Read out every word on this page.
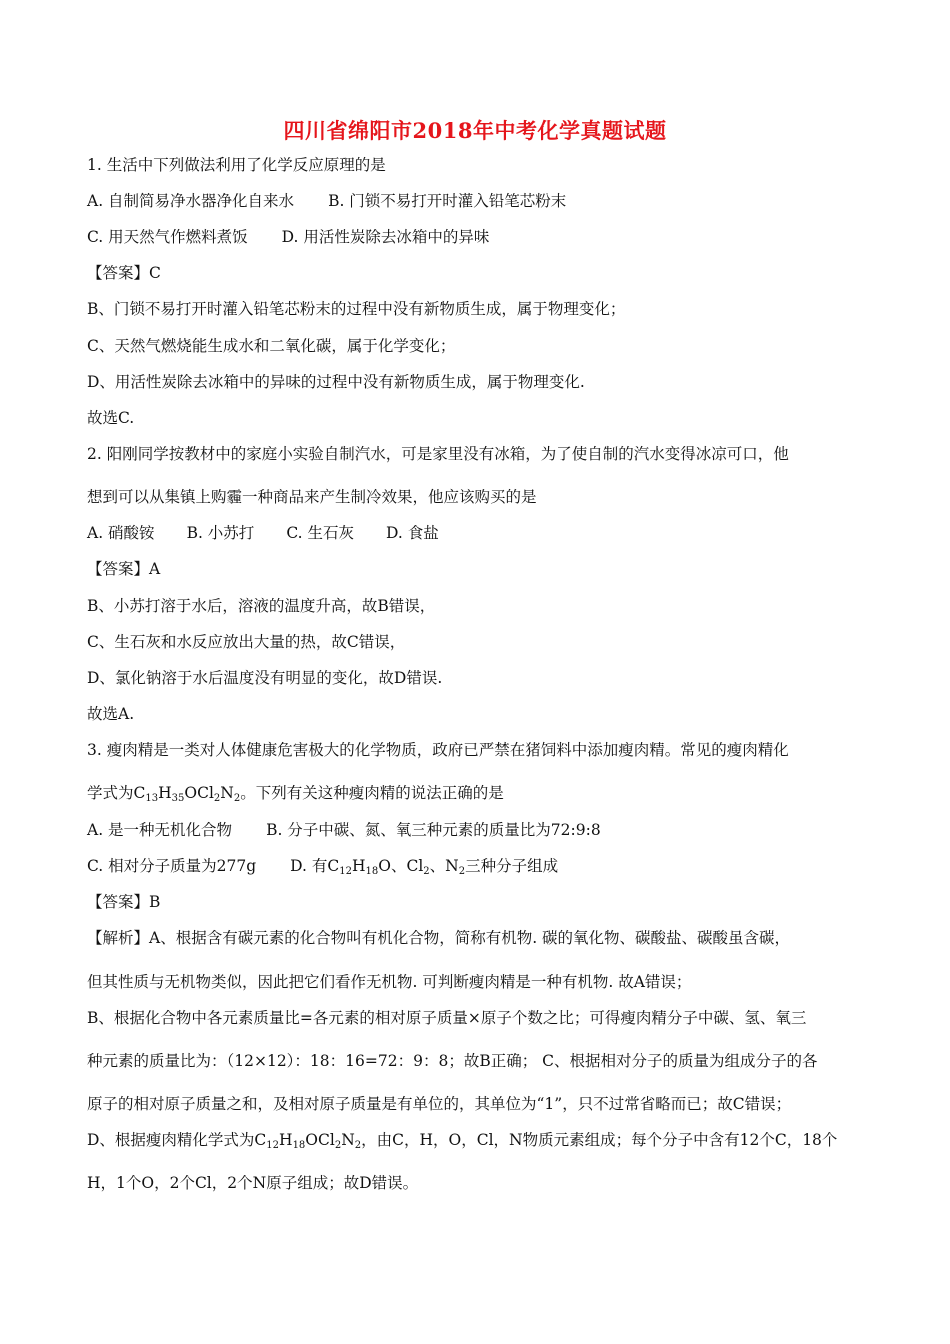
四川省绵阳市2018年中考化学真题试题
1. 生活中下列做法利用了化学反应原理的是
A. 自制简易净水器净化自来水 B. 门锁不易打开时灌入铅笔芯粉末
C. 用天然气作燃料煮饭 D. 用活性炭除去冰箱中的异味
【答案】C
B、门锁不易打开时灌入铅笔芯粉末的过程中没有新物质生成，属于物理变化；
C、天然气燃烧能生成水和二氧化碳，属于化学变化；
D、用活性炭除去冰箱中的异味的过程中没有新物质生成，属于物理变化.
故选C.
2. 阳刚同学按教材中的家庭小实验自制汽水，可是家里没有冰箱，为了使自制的汽水变得冰凉可口，他
想到可以从集镇上购霾一种商品来产生制冷效果，他应该购买的是
A. 硝酸铵 B. 小苏打 C. 生石灰 D. 食盐
【答案】A
B、小苏打溶于水后，溶液的温度升高，故B错误，
C、生石灰和水反应放出大量的热，故C错误，
D、氯化钠溶于水后温度没有明显的变化，故D错误.
故选A.
3. 瘦肉精是一类对人体健康危害极大的化学物质，政府已严禁在猪饲料中添加瘦肉精。常见的瘦肉精化
学式为$C_{13}H_{35}OCl_2N_2$。下列有关这种瘦肉精的说法正确的是
A. 是一种无机化合物 B. 分子中碳、氮、氧三种元素的质量比为72:9:8
C. 相对分子质量为277g D. 有$C_{12}H_{18}O$、$Cl_2$、$N_2$三种分子组成
【答案】B
【解析】A、根据含有碳元素的化合物叫有机化合物，简称有机物. 碳的氧化物、碳酸盐、碳酸虽含碳，
但其性质与无机物类似，因此把它们看作无机物. 可判断瘦肉精是一种有机物. 故A错误；
B、根据化合物中各元素质量比=各元素的相对原子质量×原子个数之比；可得瘦肉精分子中碳、氢、氧三
种元素的质量比为：（12×12）：18：16=72：9：8；故B正确； C、根据相对分子的质量为组成分子的各
原子的相对原子质量之和，及相对原子质量是有单位的，其单位为“1”，只不过常省略而已；故C错误；
D、根据瘦肉精化学式为$C_{12}H_{18}OCl_2N_2$，由C，H，O，Cl，N物质元素组成；每个分子中含有12个C，18个
H，1个O，2个Cl，2个N原子组成；故D错误。
